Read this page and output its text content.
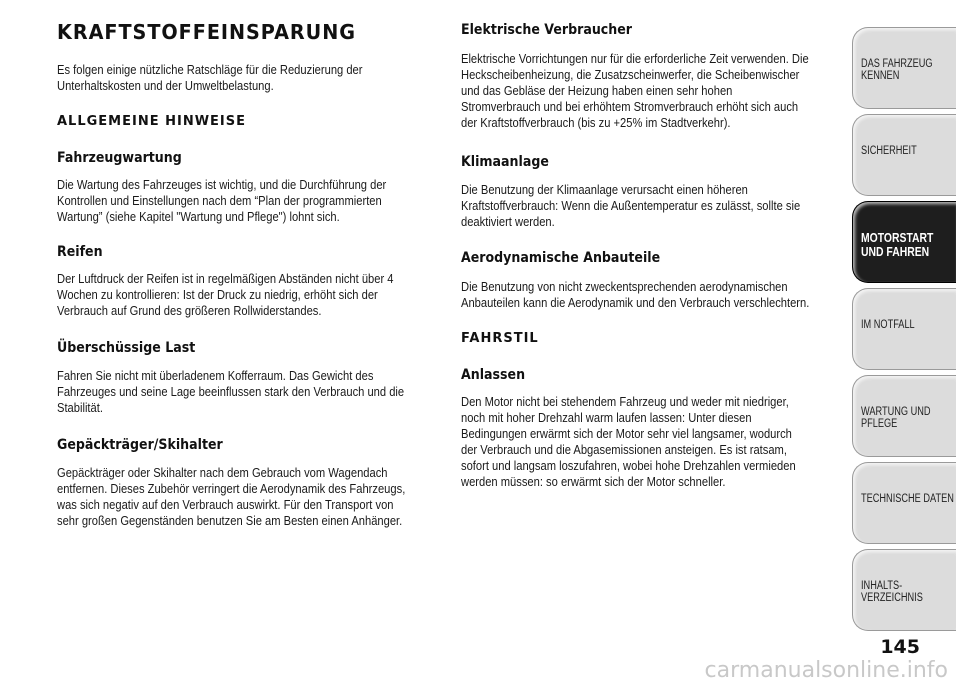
KRAFTSTOFFEINSPARUNG

Es folgen einige nützliche Ratschläge für die Reduzierung der
Unterhaltskosten und der Umweltbelastung.

ALLGEMEINE HINWEISE
Fahrzeugwartung

Die Wartung des Fahrzeuges ist wichtig, und die Durchführung der
Kontrollen und Einstellungen nach dem “Plan der programmierten
Wartung” (siehe Kapitel "Wartung und Pflege") lohnt sich.

Reifen

Der Luftdruck der Reifen ist in regelmäßigen Abständen nicht über 4
Wochen zu kontrollieren: Ist der Druck zu niedrig, erhöht sich der
Verbrauch auf Grund des größeren Rollwiderstandes.

Überschüssige Last

Fahren Sie nicht mit überladenem Kofferraum. Das Gewicht des
Fahrzeuges und seine Lage beeinflussen stark den Verbrauch und die
Stabilität.

Gepäckträger/Skihalter

Gepäckträger oder Skihalter nach dem Gebrauch vom Wagendach
entfernen. Dieses Zubehör verringert die Aerodynamik des Fahrzeugs,
was sich negativ auf den Verbrauch auswirkt. Für den Transport von
sehr großen Gegenständen benutzen Sie am Besten einen Anhänger.

Elektrische Verbraucher

Elektrische Vorrichtungen nur für die erforderliche Zeit verwenden. Die
Heckscheibenheizung, die Zusatzscheinwerfer, die Scheibenwischer
und das Gebläse der Heizung haben einen sehr hohen
Stromverbrauch und bei erhöhtem Stromverbrauch erhöht sich auch
der Kraftstoffverbrauch (bis zu +25% im Stadtverkehr).

Klimaanlage

Die Benutzung der Klimaanlage verursacht einen höheren
Kraftstoffverbrauch: Wenn die Außentemperatur es zulässt, sollte sie
deaktiviert werden.

Aerodynamische Anbauteile

Die Benutzung von nicht zweckentsprechenden aerodynamischen
Anbauteilen kann die Aerodynamik und den Verbrauch verschlechtern.

FAHRSTIL
Anlassen

Den Motor nicht bei stehendem Fahrzeug und weder mit niedriger,
noch mit hoher Drehzahl warm laufen lassen: Unter diesen
Bedingungen erwärmt sich der Motor sehr viel langsamer, wodurch
der Verbrauch und die Abgasemissionen ansteigen. Es ist ratsam,
sofort und langsam loszufahren, wobei hohe Drehzahlen vermieden
werden müssen: so erwärmt sich der Motor schneller.

DAS FAHRZEUG
KENNEN
SICHERHEIT
MOTORSTART
UND FAHREN
IM NOTFALL
WARTUNG UND
PFLEGE
TECHNISCHE DATEN
INHALTS-
VERZEICHNIS
145
carmanualsonline.info
